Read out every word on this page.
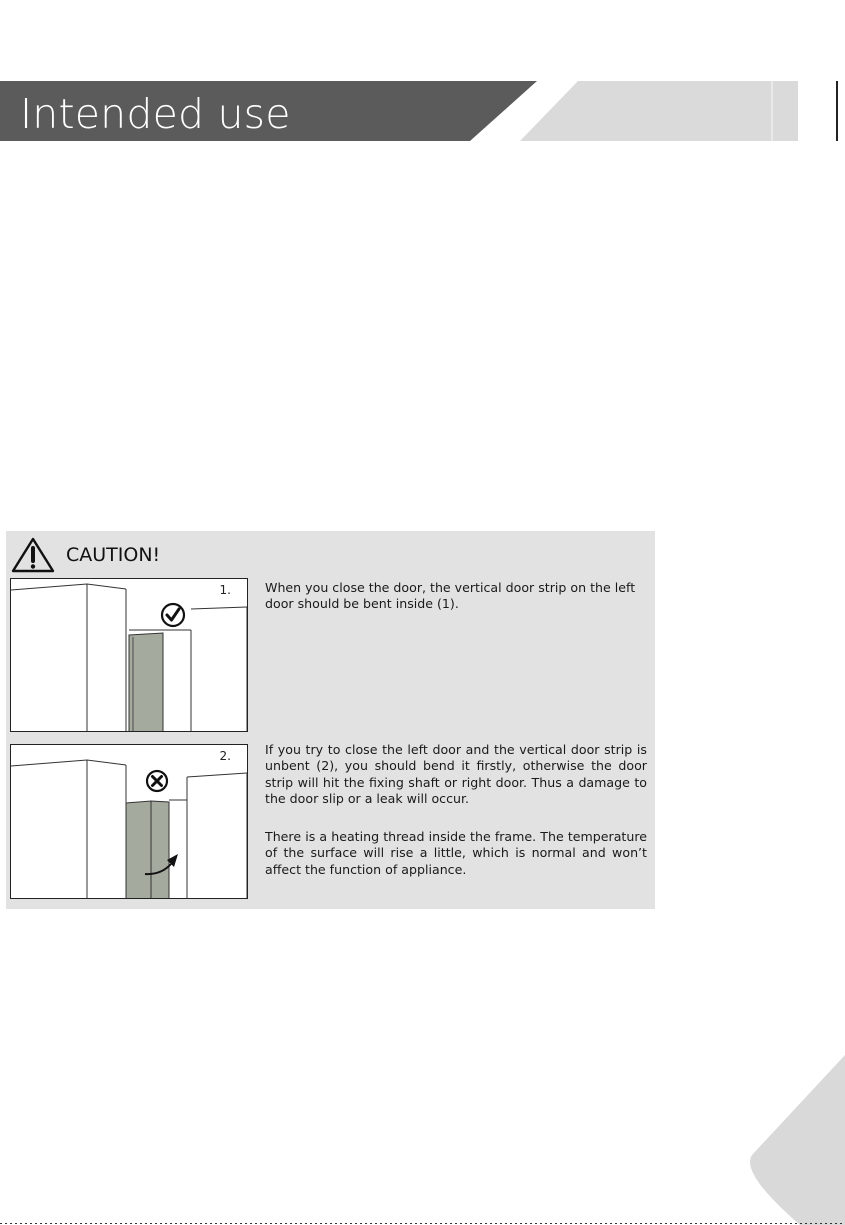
Intended use
CAUTION!
1.
2.

When you close the door, the vertical door strip on the left door should be bent inside (1).

If you try to close the left door and the vertical door strip is unbent (2), you should bend it firstly, otherwise the door strip will hit the fixing shaft or right door. Thus a damage to the door slip or a leak will occur.

There is a heating thread inside the frame. The temperature of the surface will rise a little, which is normal and won’t affect the function of appliance.
